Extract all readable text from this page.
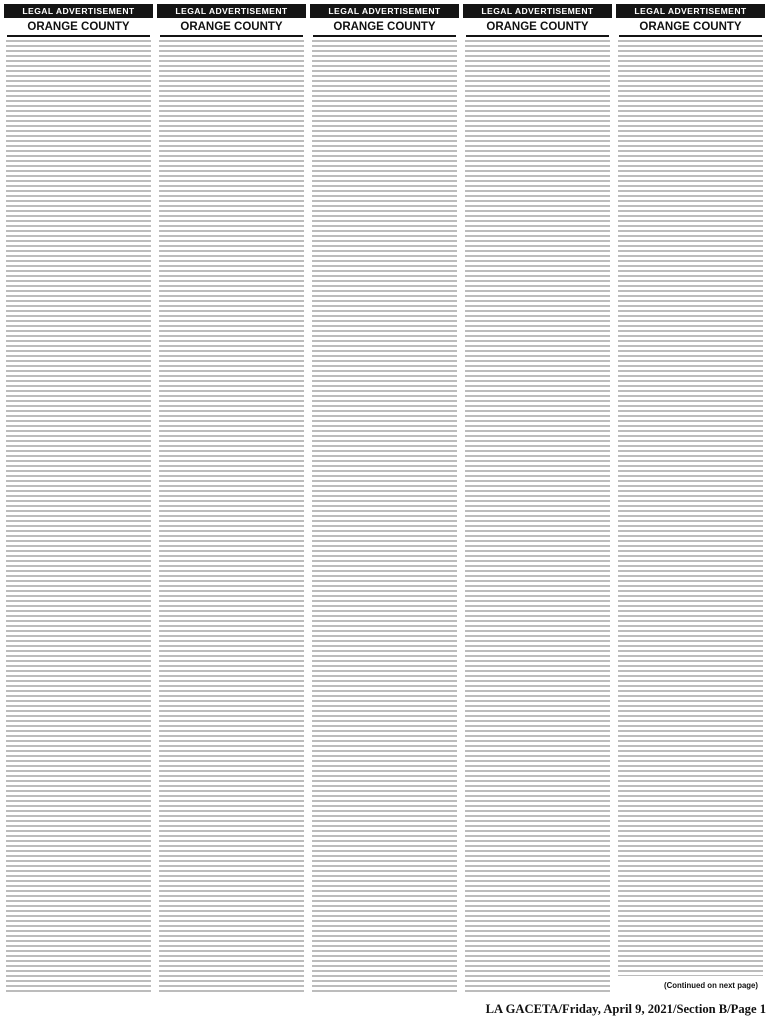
LEGAL ADVERTISEMENT
ORANGE COUNTY
LEGAL ADVERTISEMENT
ORANGE COUNTY
LEGAL ADVERTISEMENT
ORANGE COUNTY
LEGAL ADVERTISEMENT
ORANGE COUNTY
LEGAL ADVERTISEMENT
ORANGE COUNTY
(Continued on next page)
LA GACETA/Friday, April 9, 2021/Section B/Page 1
